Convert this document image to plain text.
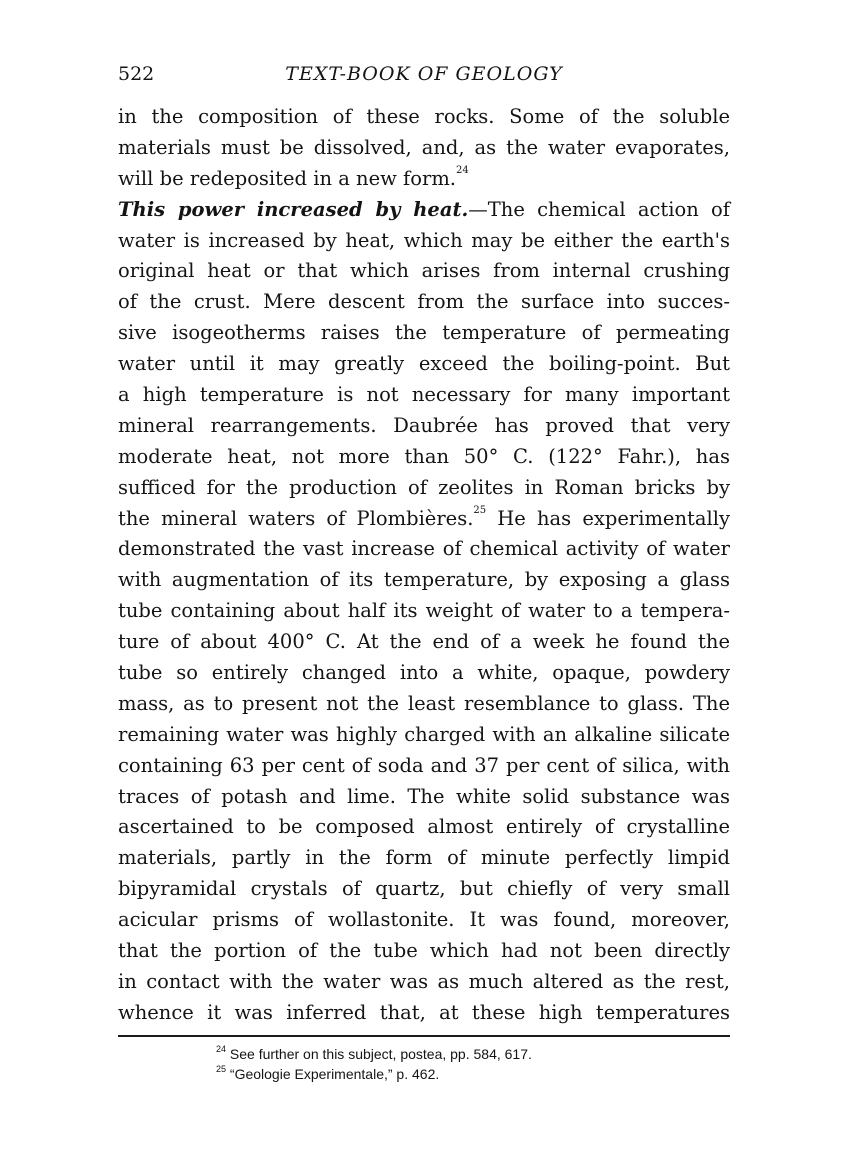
522	TEXT-BOOK OF GEOLOGY
in the composition of these rocks. Some of the soluble
materials must be dissolved, and, as the water evaporates,
will be redeposited in a new form.$^{24}$
This power increased by heat.—The chemical action of
water is increased by heat, which may be either the earth's
original heat or that which arises from internal crushing
of the crust. Mere descent from the surface into succes-
sive isogeotherms raises the temperature of permeating
water until it may greatly exceed the boiling-point. But
a high temperature is not necessary for many important
mineral rearrangements. Daubrée has proved that very
moderate heat, not more than 50° C. (122° Fahr.), has
sufficed for the production of zeolites in Roman bricks by
the mineral waters of Plombières.$^{25}$ He has experimentally
demonstrated the vast increase of chemical activity of water
with augmentation of its temperature, by exposing a glass
tube containing about half its weight of water to a tempera-
ture of about 400° C. At the end of a week he found the
tube so entirely changed into a white, opaque, powdery
mass, as to present not the least resemblance to glass. The
remaining water was highly charged with an alkaline silicate
containing 63 per cent of soda and 37 per cent of silica, with
traces of potash and lime. The white solid substance was
ascertained to be composed almost entirely of crystalline
materials, partly in the form of minute perfectly limpid
bipyramidal crystals of quartz, but chiefly of very small
acicular prisms of wollastonite. It was found, moreover,
that the portion of the tube which had not been directly
in contact with the water was as much altered as the rest,
whence it was inferred that, at these high temperatures
$^{24}$ See further on this subject, postea, pp. 584, 617.
$^{25}$ “Geologie Experimentale,” p. 462.
